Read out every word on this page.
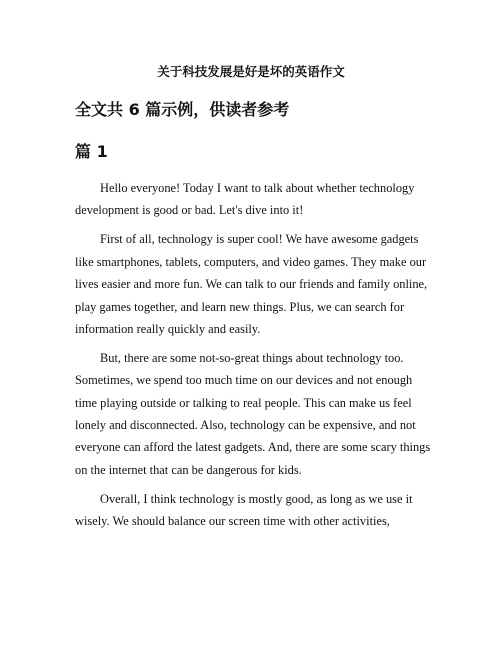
关于科技发展是好是坏的英语作文
全文共 6 篇示例，供读者参考
篇 1

Hello everyone! Today I want to talk about whether technology development is good or bad. Let's dive into it!

First of all, technology is super cool! We have awesome gadgets like smartphones, tablets, computers, and video games. They make our lives easier and more fun. We can talk to our friends and family online, play games together, and learn new things. Plus, we can search for information really quickly and easily.

But, there are some not-so-great things about technology too. Sometimes, we spend too much time on our devices and not enough time playing outside or talking to real people. This can make us feel lonely and disconnected. Also, technology can be expensive, and not everyone can afford the latest gadgets. And, there are some scary things on the internet that can be dangerous for kids.

Overall, I think technology is mostly good, as long as we use it wisely. We should balance our screen time with other activities,
